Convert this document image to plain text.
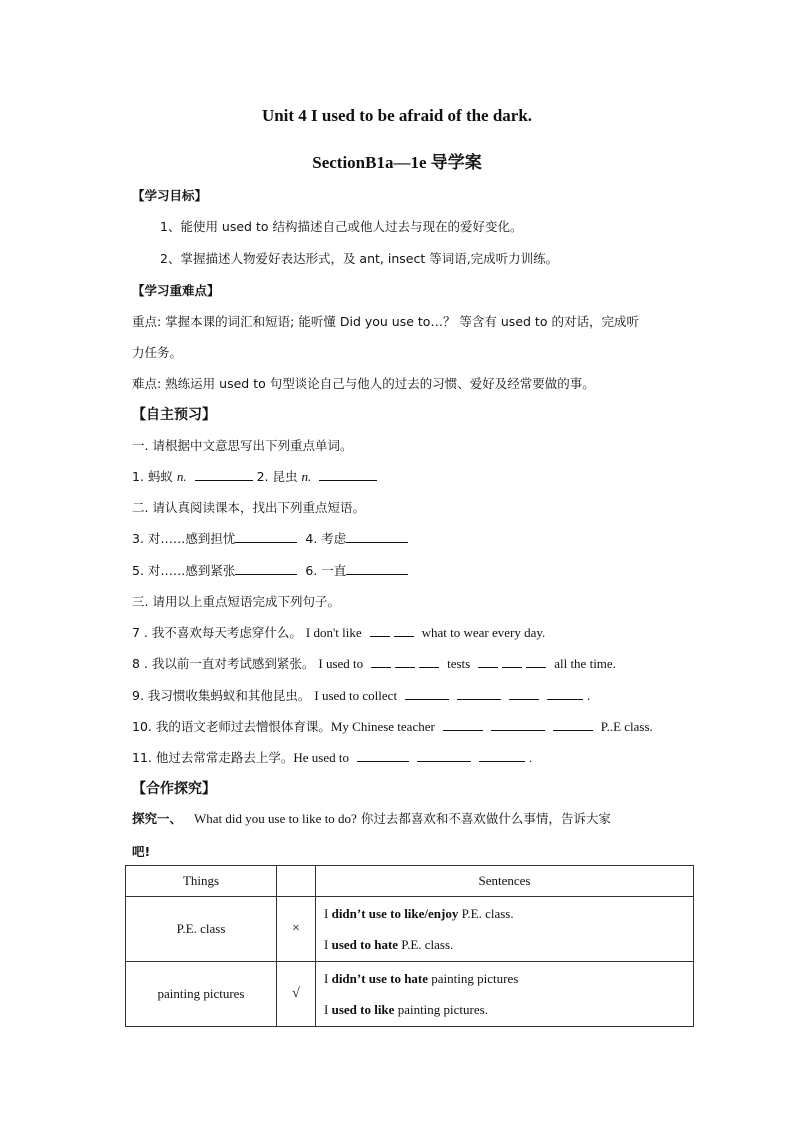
Unit 4 I used to be afraid of the dark.
SectionB1a—1e 导学案
【学习目标】
1、能使用 used to 结构描述自己或他人过去与现在的爱好变化。
2、掌握描述人物爱好表达形式，及 ant, insect 等词语,完成听力训练。
【学习重难点】
重点: 掌握本课的词汇和短语; 能听懂 Did you use to…？ 等含有 used to 的对话，完成听
力任务。
难点: 熟练运用 used to 句型谈论自己与他人的过去的习惯、爱好及经常要做的事。
【自主预习】
一. 请根据中文意思写出下列重点单词。
1. 蚂蚁 n.	2. 昆虫 n.
二. 请认真阅读课本，找出下列重点短语。
3. 对……感到担忧	4. 考虑
5. 对……感到紧张	6. 一直
三. 请用以上重点短语完成下列句子。
7 . 我不喜欢每天考虑穿什么。 I don't like	what to wear every day.
8 . 我以前一直对考试感到紧张。 I used to	tests	all the time.
9. 我习惯收集蚂蚁和其他昆虫。 I used to collect	.
10. 我的语文老师过去憎恨体育课。My Chinese teacher	P..E class.
11. 他过去常常走路去上学。He used to	.
【合作探究】
探究一、 What did you use to like to do? 你过去都喜欢和不喜欢做什么事情，告诉大家
吧!
Things		Sentences
P.E. class	×	I didn’t use to like/enjoy P.E. class.
I used to hate P.E. class.

painting pictures	√	I didn’t use to hate painting pictures
I used to like painting pictures.
